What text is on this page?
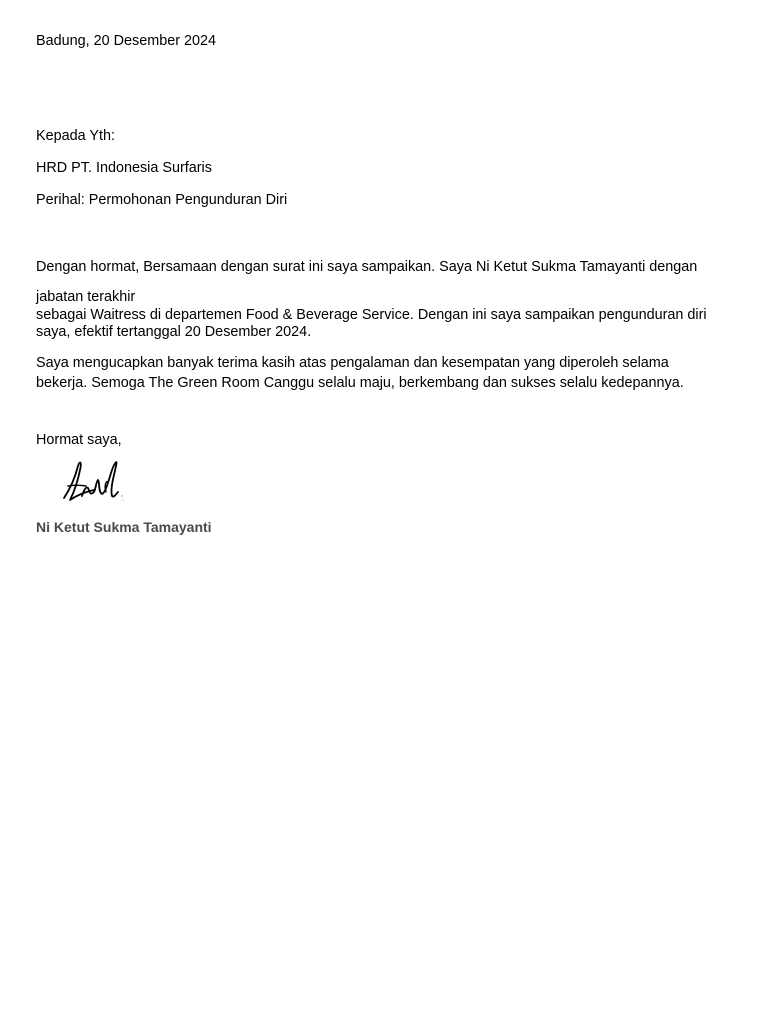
Badung, 20 Desember 2024

Kepada Yth:

HRD PT. Indonesia Surfaris

Perihal: Permohonan Pengunduran Diri

Dengan hormat, Bersamaan dengan surat ini saya sampaikan. Saya Ni Ketut Sukma Tamayanti dengan

jabatan terakhir

sebagai Waitress di departemen Food & Beverage Service. Dengan ini saya sampaikan pengunduran diri

saya, efektif tertanggal 20 Desember 2024.

Saya mengucapkan banyak terima kasih atas pengalaman dan kesempatan yang diperoleh selama

bekerja. Semoga The Green Room Canggu selalu maju, berkembang dan sukses selalu kedepannya.

Hormat saya,

Ni Ketut Sukma Tamayanti
